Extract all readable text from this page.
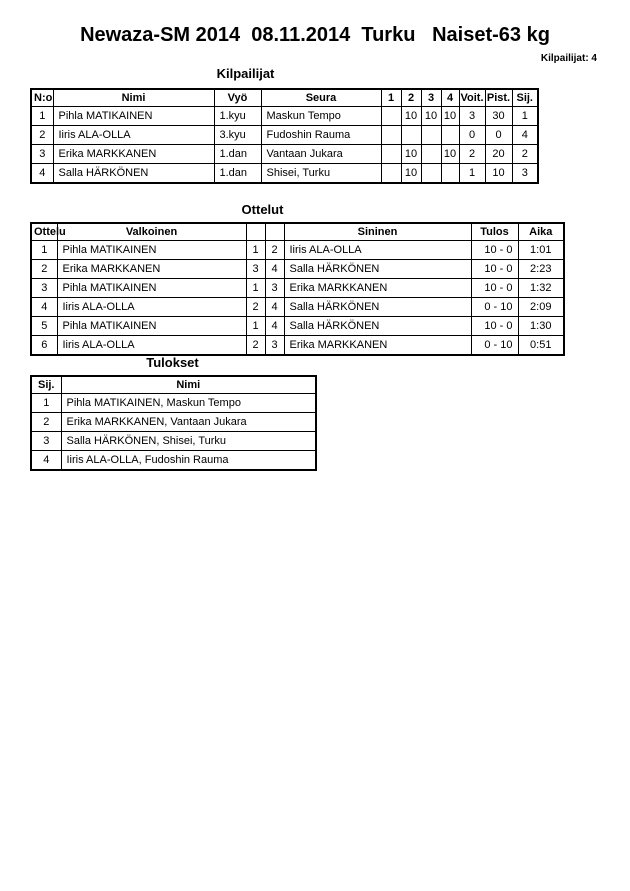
Newaza-SM 2014  08.11.2014  Turku   Naiset-63 kg
Kilpailijat: 4
Kilpailijat
N:o	Nimi	Vyö	Seura	1	2	3	4	Voit.	Pist.	Sij.
1	Pihla MATIKAINEN	1.kyu	Maskun Tempo		10	10	10	3	30	1
2	Iiris ALA-OLLA	3.kyu	Fudoshin Rauma					0	0	4
3	Erika MARKKANEN	1.dan	Vantaan Jukara		10		10	2	20	2
4	Salla HÄRKÖNEN	1.dan	Shisei, Turku		10			1	10	3
Ottelut
Ottelu	Valkoinen			Sininen	Tulos	Aika
1	Pihla MATIKAINEN	1	2	Iiris ALA-OLLA	10 - 0	1:01
2	Erika MARKKANEN	3	4	Salla HÄRKÖNEN	10 - 0	2:23
3	Pihla MATIKAINEN	1	3	Erika MARKKANEN	10 - 0	1:32
4	Iiris ALA-OLLA	2	4	Salla HÄRKÖNEN	0 - 10	2:09
5	Pihla MATIKAINEN	1	4	Salla HÄRKÖNEN	10 - 0	1:30
6	Iiris ALA-OLLA	2	3	Erika MARKKANEN	0 - 10	0:51
Tulokset
Sij.	Nimi
1	Pihla MATIKAINEN, Maskun Tempo
2	Erika MARKKANEN, Vantaan Jukara
3	Salla HÄRKÖNEN, Shisei, Turku
4	Iiris ALA-OLLA, Fudoshin Rauma
